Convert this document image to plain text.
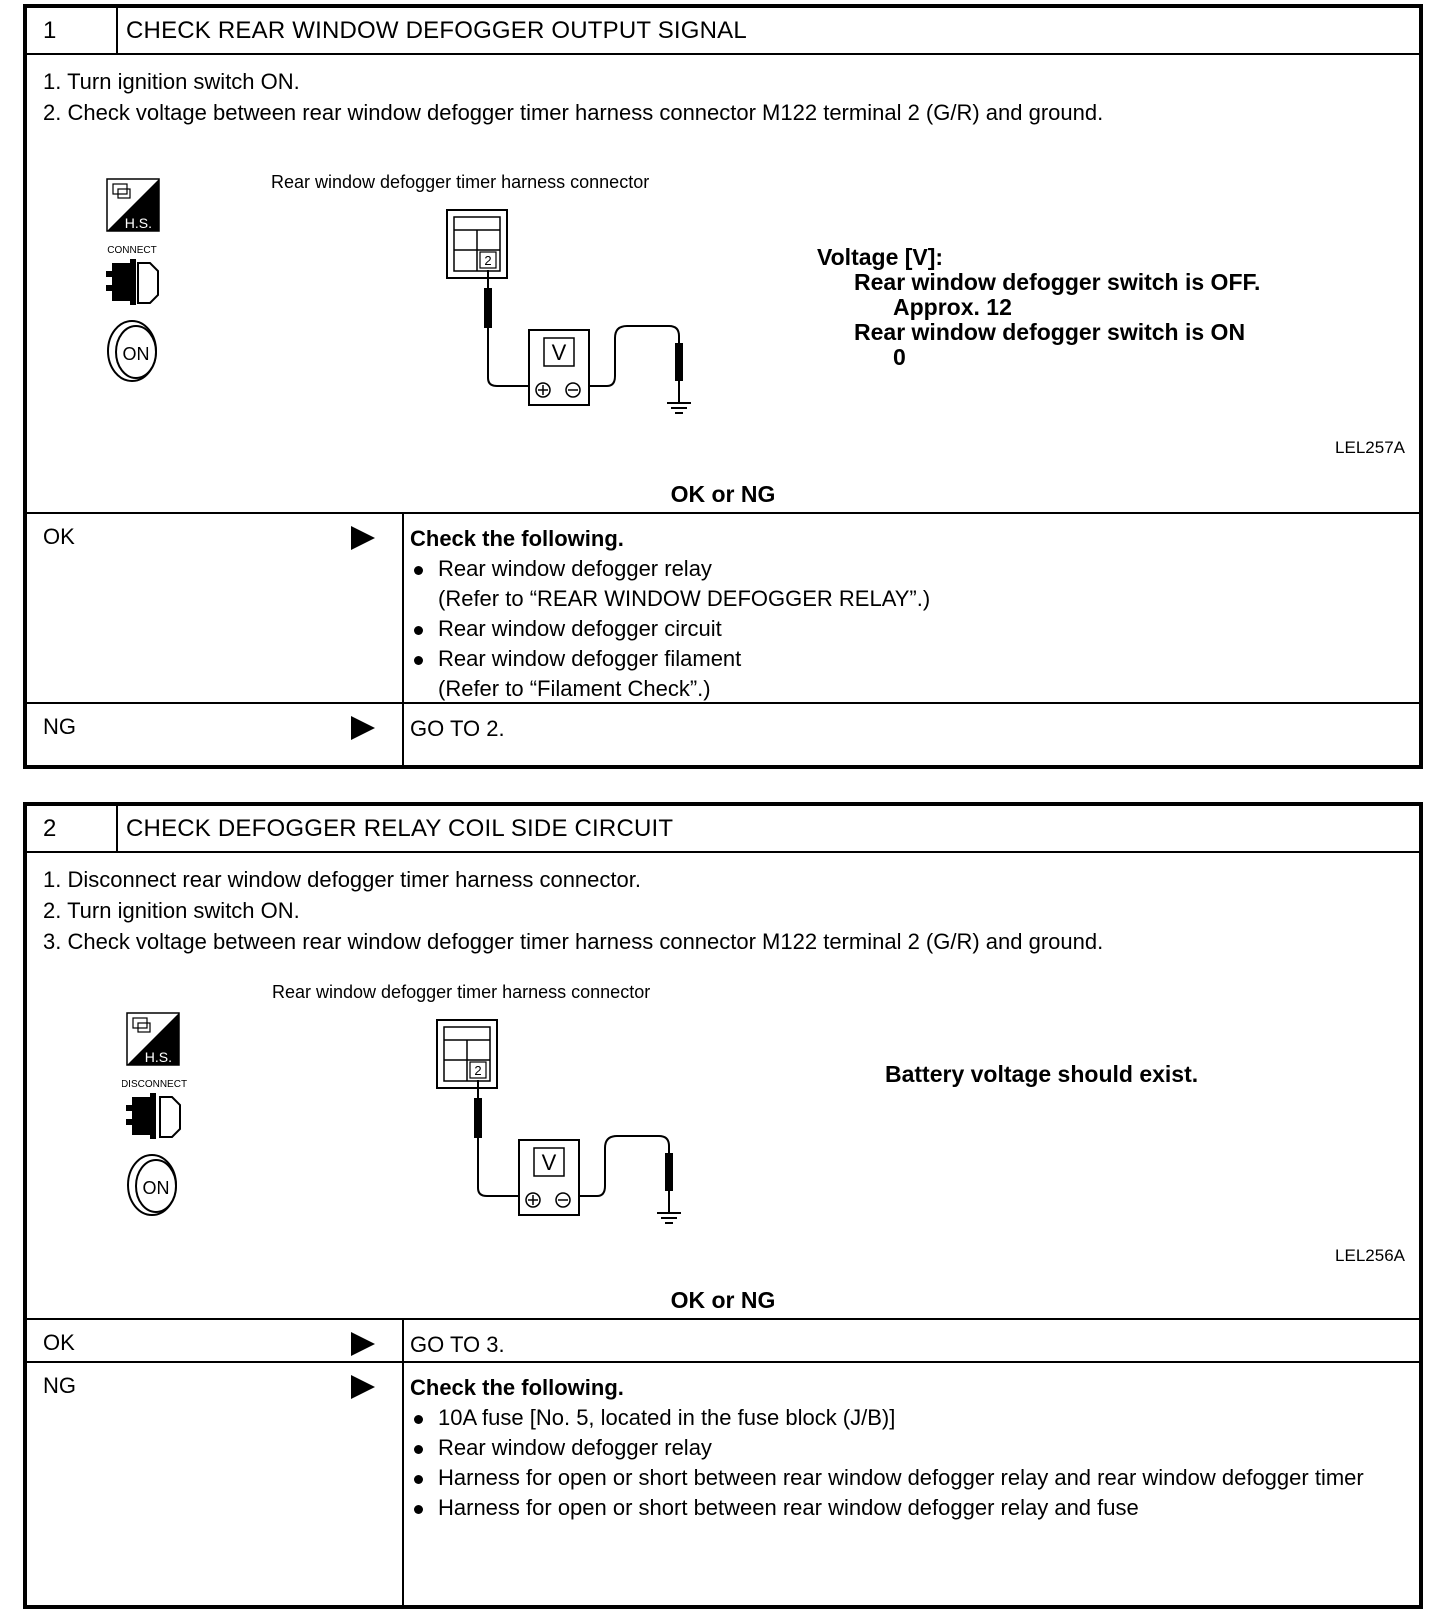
1	CHECK REAR WINDOW DEFOGGER OUTPUT SIGNAL
1. Turn ignition switch ON.
2. Check voltage between rear window defogger timer harness connector M122 terminal 2 (G/R) and ground.
H.S.

CONNECT

ON
Rear window defogger timer harness connector
2
V
Voltage [V]:
Rear window defogger switch is OFF.
Approx. 12
Rear window defogger switch is ON
0
LEL257A
OK or NG
OK	Check the following.
Rear window defogger relay
(Refer to “REAR WINDOW DEFOGGER RELAY”.)
Rear window defogger circuit
Rear window defogger filament
(Refer to “Filament Check”.)
NG	GO TO 2.
2	CHECK DEFOGGER RELAY COIL SIDE CIRCUIT
1. Disconnect rear window defogger timer harness connector.
2. Turn ignition switch ON.
3. Check voltage between rear window defogger timer harness connector M122 terminal 2 (G/R) and ground.
H.S.

DISCONNECT

ON
Rear window defogger timer harness connector
2
V
Battery voltage should exist.
LEL256A
OK or NG
OK	GO TO 3.
NG	Check the following.
10A fuse [No. 5, located in the fuse block (J/B)]
Rear window defogger relay
Harness for open or short between rear window defogger relay and rear window defogger timer
Harness for open or short between rear window defogger relay and fuse
